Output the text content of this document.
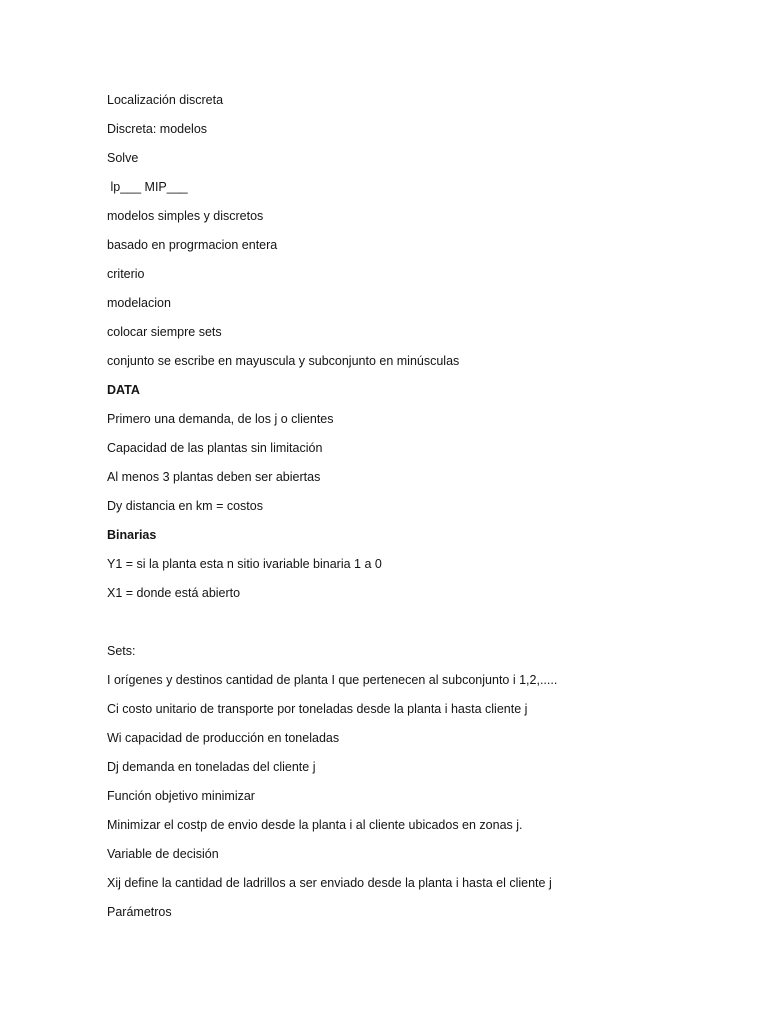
Localización discreta
Discreta: modelos
Solve
lp___ MIP___
modelos simples y discretos
basado en progrmacion entera
criterio
modelacion
colocar siempre sets
conjunto se escribe en mayuscula y subconjunto en minúsculas
DATA
Primero una demanda, de los j o clientes
Capacidad de las plantas sin limitación
Al menos 3 plantas deben ser abiertas
Dy distancia en km = costos
Binarias
Y1 = si la planta esta n sitio ivariable binaria 1 a 0
X1 = donde está abierto
Sets:
I orígenes y destinos cantidad de planta I que pertenecen al subconjunto i 1,2,.....
Ci costo unitario de transporte por toneladas desde la planta i hasta cliente j
Wi capacidad de producción en toneladas
Dj demanda en toneladas del cliente j
Función objetivo minimizar
Minimizar el costp de envio desde la planta i al cliente ubicados en zonas j.
Variable de decisión
Xij define la cantidad de ladrillos a ser enviado desde la planta i hasta el cliente j
Parámetros
